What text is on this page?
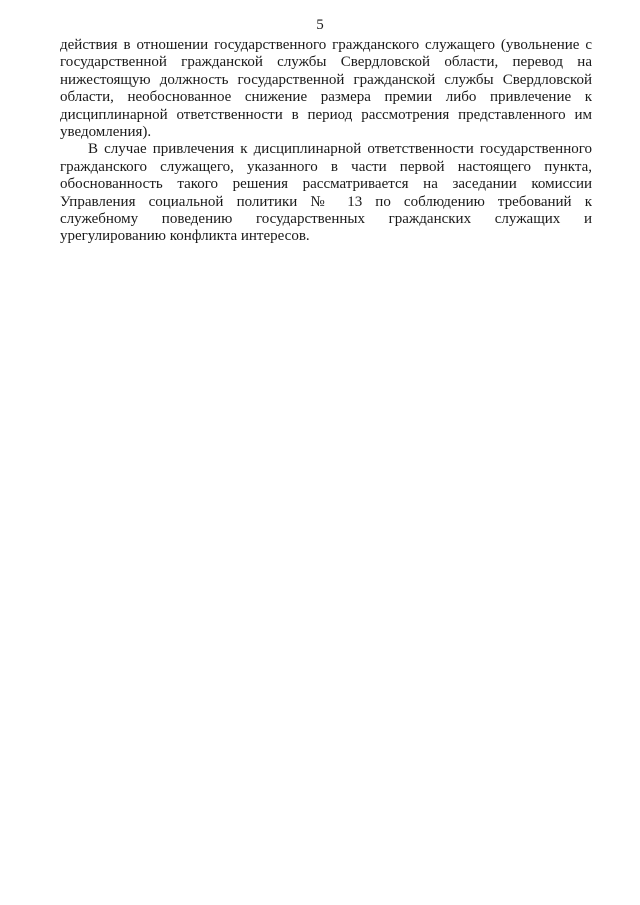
5

действия в отношении государственного гражданского служащего (увольнение с
государственной гражданской службы Свердловской области, перевод на
нижестоящую должность государственной гражданской службы Свердловской
области, необоснованное снижение размера премии либо привлечение к
дисциплинарной ответственности в период рассмотрения представленного им
уведомления).

В случае привлечения к дисциплинарной ответственности государственного
гражданского служащего, указанного в части первой настоящего пункта,
обоснованность такого решения рассматривается на заседании комиссии
Управления социальной политики № 13 по соблюдению требований к
служебному поведению государственных гражданских служащих и
урегулированию конфликта интересов.
